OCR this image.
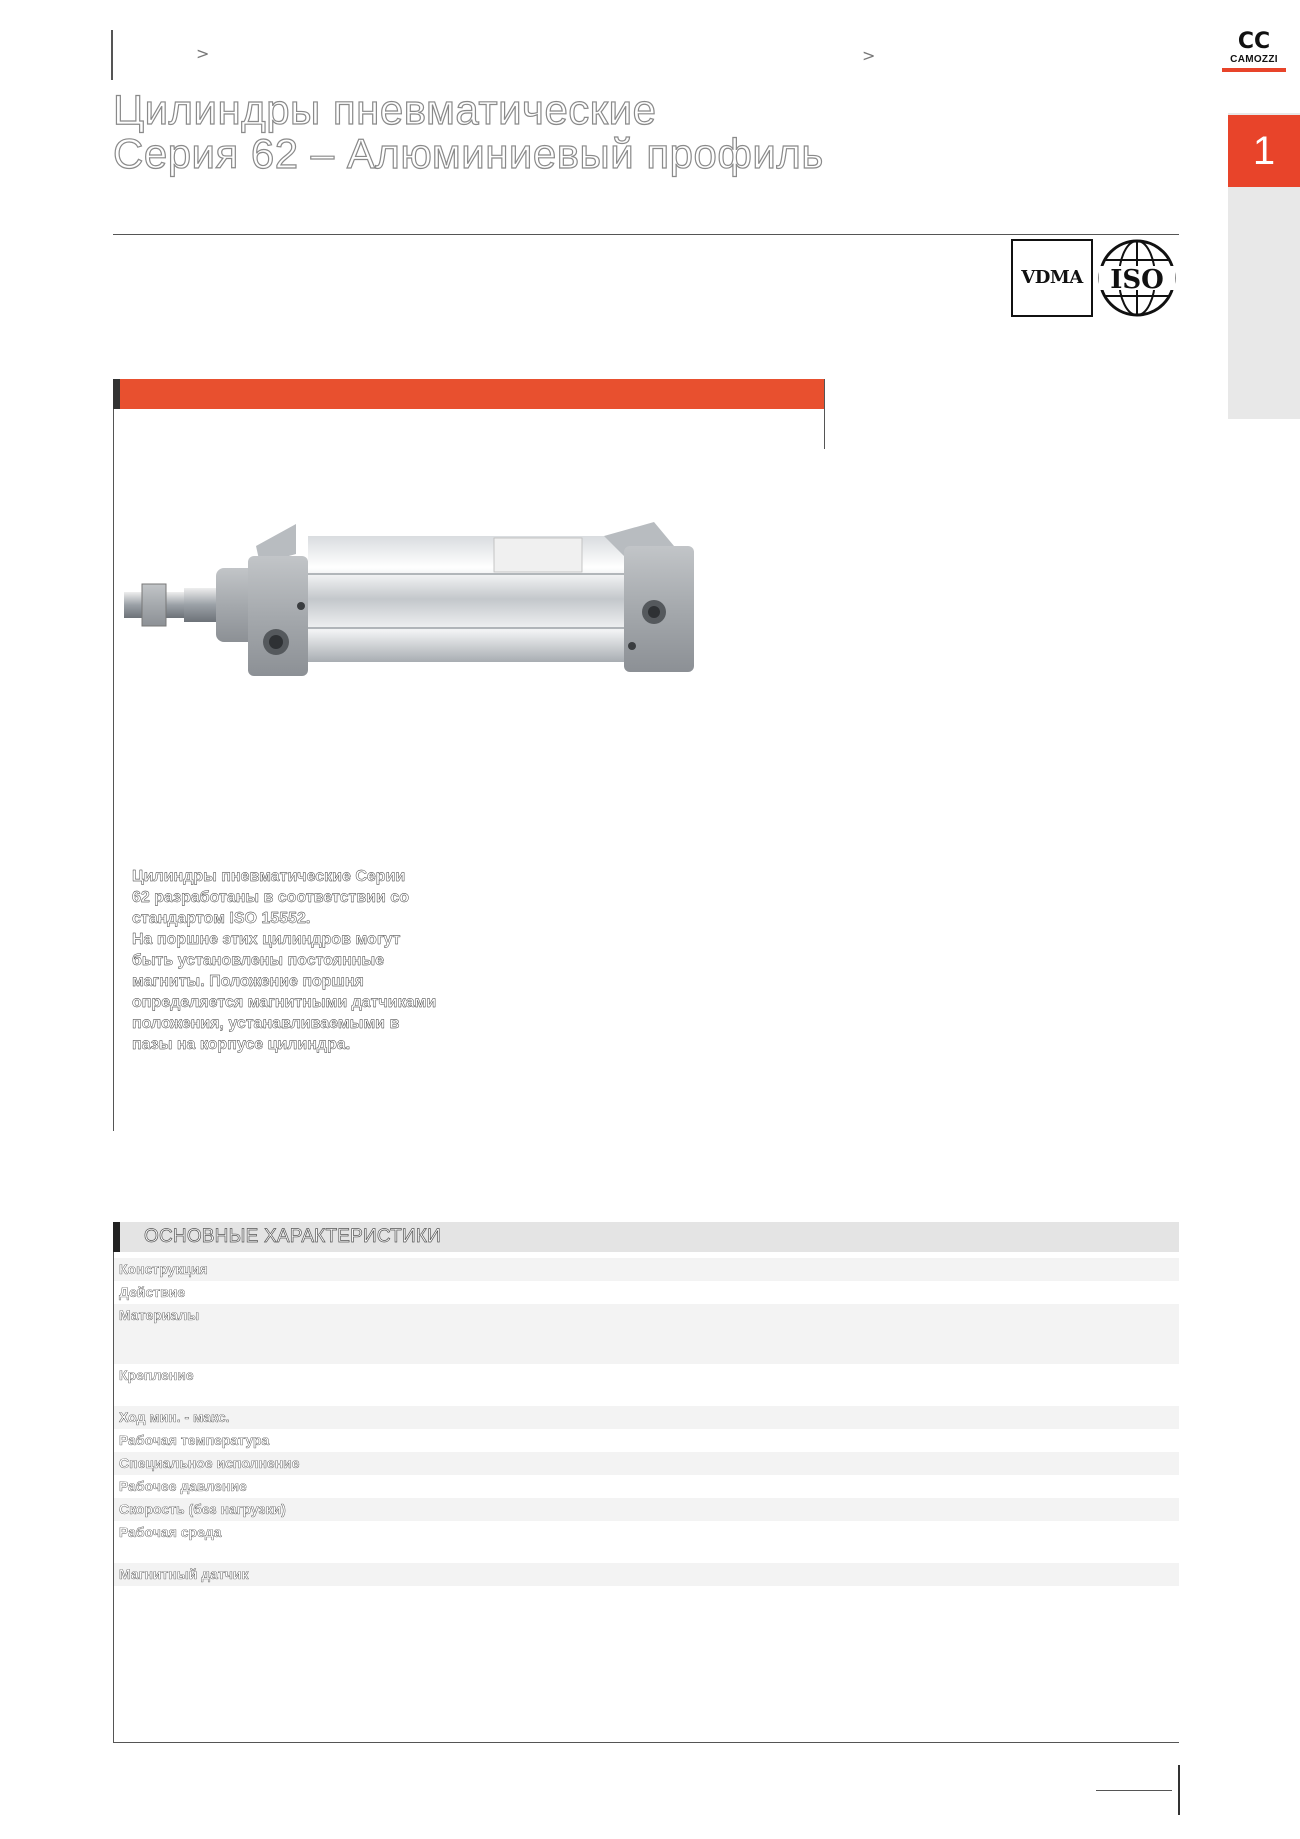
>	>
CC
CAMOZZI
1
Цилиндры пневматические
Серия 62 – Алюминиевый профиль
VDMA	ISO

Цилиндры пневматические Серии

62 разработаны в соответствии со

стандартом ISO 15552.

На поршне этих цилиндров могут

быть установлены постоянные

магниты. Положение поршня

определяется магнитными датчиками

положения, устанавливаемыми в

пазы на корпусе цилиндра.

ОСНОВНЫЕ ХАРАКТЕРИСТИКИ
Конструкция
Действие
Материалы
Крепление
Ход мин. - макс.
Рабочая температура
Специальное исполнение
Рабочее давление
Скорость (без нагрузки)
Рабочая среда
Магнитный датчик
